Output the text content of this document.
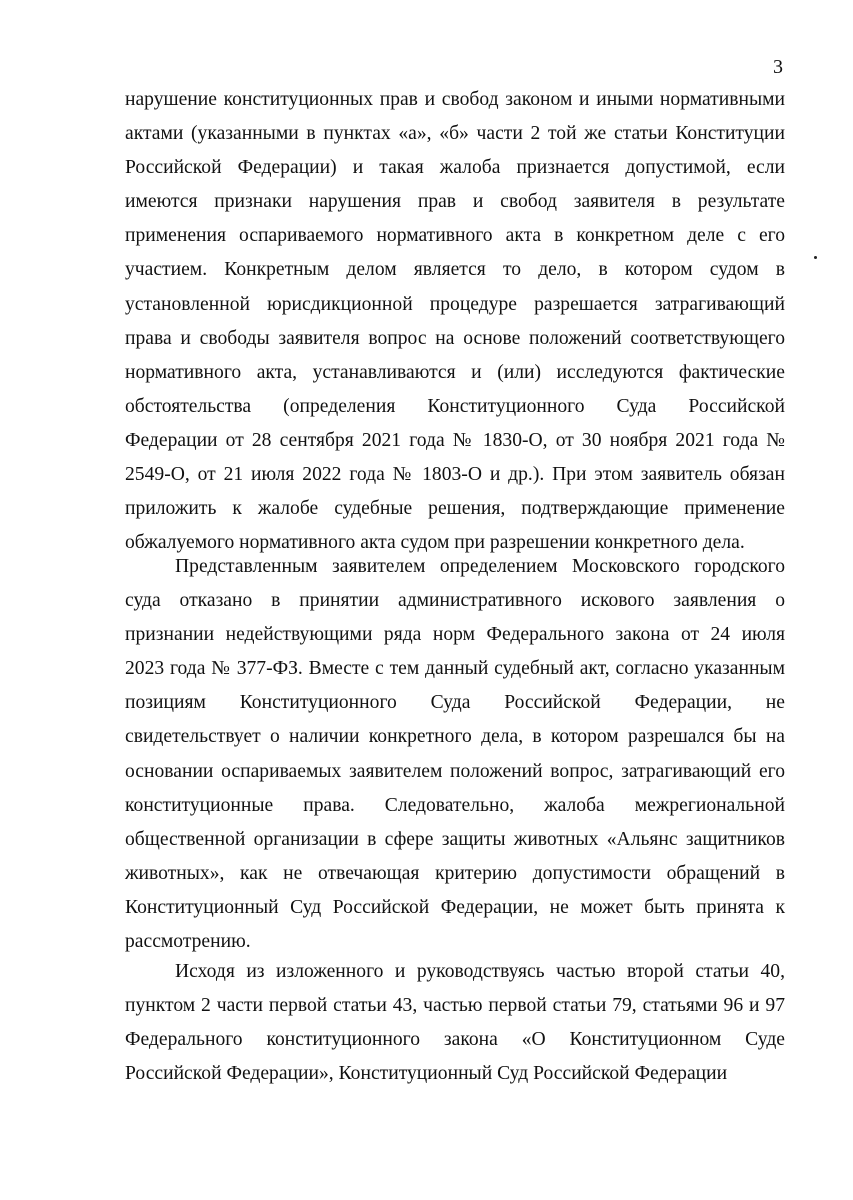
3
нарушение конституционных прав и свобод законом и иными нормативными
актами (указанными в пунктах «а», «б» части 2 той же статьи Конституции
Российской Федерации) и такая жалоба признается допустимой, если
имеются признаки нарушения прав и свобод заявителя в результате
применения оспариваемого нормативного акта в конкретном деле с его
участием. Конкретным делом является то дело, в котором судом в
установленной юрисдикционной процедуре разрешается затрагивающий
права и свободы заявителя вопрос на основе положений соответствующего
нормативного акта, устанавливаются и (или) исследуются фактические
обстоятельства (определения Конституционного Суда Российской
Федерации от 28 сентября 2021 года № 1830-О, от 30 ноября 2021 года №
2549-О, от 21 июля 2022 года № 1803-О и др.). При этом заявитель обязан
приложить к жалобе судебные решения, подтверждающие применение
обжалуемого нормативного акта судом при разрешении конкретного дела.
Представленным заявителем определением Московского городского
суда отказано в принятии административного искового заявления о
признании недействующими ряда норм Федерального закона от 24 июля
2023 года № 377-ФЗ. Вместе с тем данный судебный акт, согласно указанным
позициям Конституционного Суда Российской Федерации, не
свидетельствует о наличии конкретного дела, в котором разрешался бы на
основании оспариваемых заявителем положений вопрос, затрагивающий его
конституционные права. Следовательно, жалоба межрегиональной
общественной организации в сфере защиты животных «Альянс защитников
животных», как не отвечающая критерию допустимости обращений в
Конституционный Суд Российской Федерации, не может быть принята к
рассмотрению.
Исходя из изложенного и руководствуясь частью второй статьи 40,
пунктом 2 части первой статьи 43, частью первой статьи 79, статьями 96 и 97
Федерального конституционного закона «О Конституционном Суде
Российской Федерации», Конституционный Суд Российской Федерации
